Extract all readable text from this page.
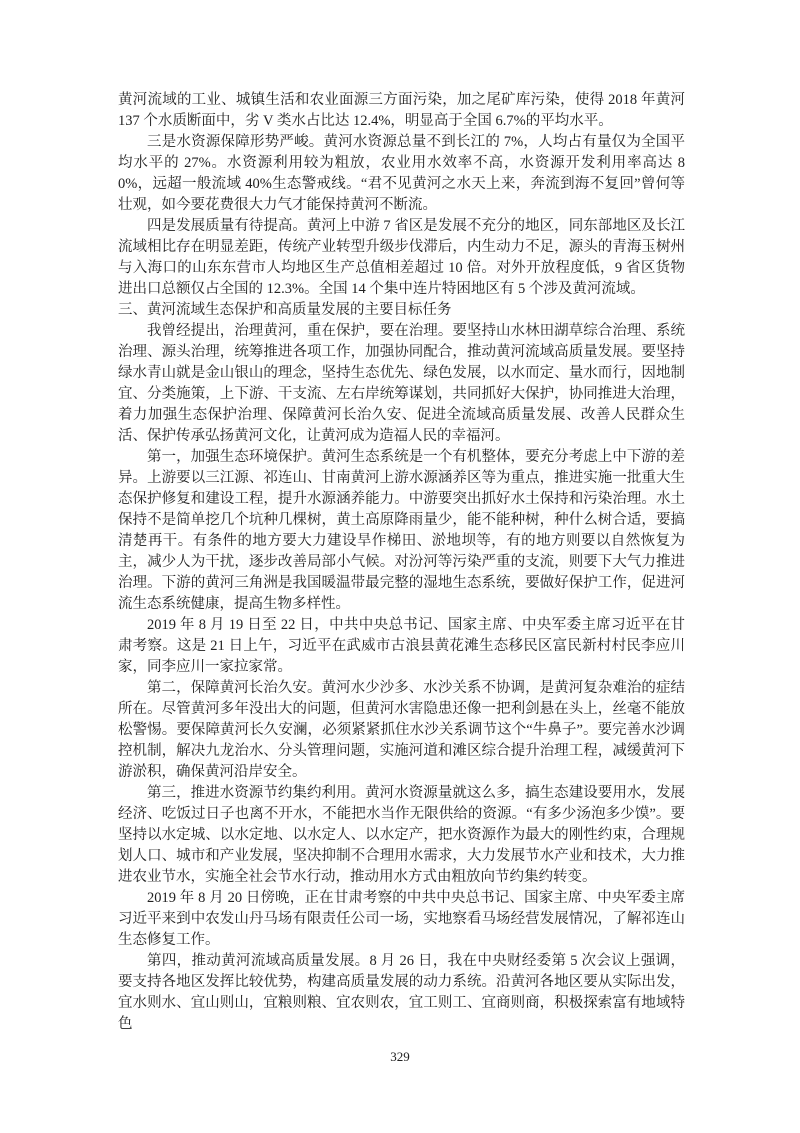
黄河流域的工业、城镇生活和农业面源三方面污染，加之尾矿库污染，使得 2018 年黄河 137 个水质断面中，劣 V 类水占比达 12.4%，明显高于全国 6.7%的平均水平。

三是水资源保障形势严峻。黄河水资源总量不到长江的 7%，人均占有量仅为全国平均水平的 27%。水资源利用较为粗放，农业用水效率不高，水资源开发利用率高达 80%，远超一般流域 40%生态警戒线。“君不见黄河之水天上来，奔流到海不复回”曾何等壮观，如今要花费很大力气才能保持黄河不断流。

四是发展质量有待提高。黄河上中游 7 省区是发展不充分的地区，同东部地区及长江流域相比存在明显差距，传统产业转型升级步伐滞后，内生动力不足，源头的青海玉树州与入海口的山东东营市人均地区生产总值相差超过 10 倍。对外开放程度低，9 省区货物进出口总额仅占全国的 12.3%。全国 14 个集中连片特困地区有 5 个涉及黄河流域。

三、黄河流域生态保护和高质量发展的主要目标任务

我曾经提出，治理黄河，重在保护，要在治理。要坚持山水林田湖草综合治理、系统治理、源头治理，统筹推进各项工作，加强协同配合，推动黄河流域高质量发展。要坚持绿水青山就是金山银山的理念，坚持生态优先、绿色发展，以水而定、量水而行，因地制宜、分类施策，上下游、干支流、左右岸统筹谋划，共同抓好大保护，协同推进大治理，着力加强生态保护治理、保障黄河长治久安、促进全流域高质量发展、改善人民群众生活、保护传承弘扬黄河文化，让黄河成为造福人民的幸福河。

第一，加强生态环境保护。黄河生态系统是一个有机整体，要充分考虑上中下游的差异。上游要以三江源、祁连山、甘南黄河上游水源涵养区等为重点，推进实施一批重大生态保护修复和建设工程，提升水源涵养能力。中游要突出抓好水土保持和污染治理。水土保持不是简单挖几个坑种几棵树，黄土高原降雨量少，能不能种树，种什么树合适，要搞清楚再干。有条件的地方要大力建设旱作梯田、淤地坝等，有的地方则要以自然恢复为主，减少人为干扰，逐步改善局部小气候。对汾河等污染严重的支流，则要下大气力推进治理。下游的黄河三角洲是我国暖温带最完整的湿地生态系统，要做好保护工作，促进河流生态系统健康，提高生物多样性。

2019 年 8 月 19 日至 22 日，中共中央总书记、国家主席、中央军委主席习近平在甘肃考察。这是 21 日上午，习近平在武威市古浪县黄花滩生态移民区富民新村村民李应川家，同李应川一家拉家常。

第二，保障黄河长治久安。黄河水少沙多、水沙关系不协调，是黄河复杂难治的症结所在。尽管黄河多年没出大的问题，但黄河水害隐患还像一把利剑悬在头上，丝毫不能放松警惕。要保障黄河长久安澜，必须紧紧抓住水沙关系调节这个“牛鼻子”。要完善水沙调控机制，解决九龙治水、分头管理问题，实施河道和滩区综合提升治理工程，减缓黄河下游淤积，确保黄河沿岸安全。

第三，推进水资源节约集约利用。黄河水资源量就这么多，搞生态建设要用水，发展经济、吃饭过日子也离不开水，不能把水当作无限供给的资源。“有多少汤泡多少馍”。要坚持以水定城、以水定地、以水定人、以水定产，把水资源作为最大的刚性约束，合理规划人口、城市和产业发展，坚决抑制不合理用水需求，大力发展节水产业和技术，大力推进农业节水，实施全社会节水行动，推动用水方式由粗放向节约集约转变。

2019 年 8 月 20 日傍晚，正在甘肃考察的中共中央总书记、国家主席、中央军委主席习近平来到中农发山丹马场有限责任公司一场，实地察看马场经营发展情况，了解祁连山生态修复工作。

第四，推动黄河流域高质量发展。8 月 26 日，我在中央财经委第 5 次会议上强调，要支持各地区发挥比较优势，构建高质量发展的动力系统。沿黄河各地区要从实际出发，宜水则水、宜山则山，宜粮则粮、宜农则农，宜工则工、宜商则商，积极探索富有地域特色

329
